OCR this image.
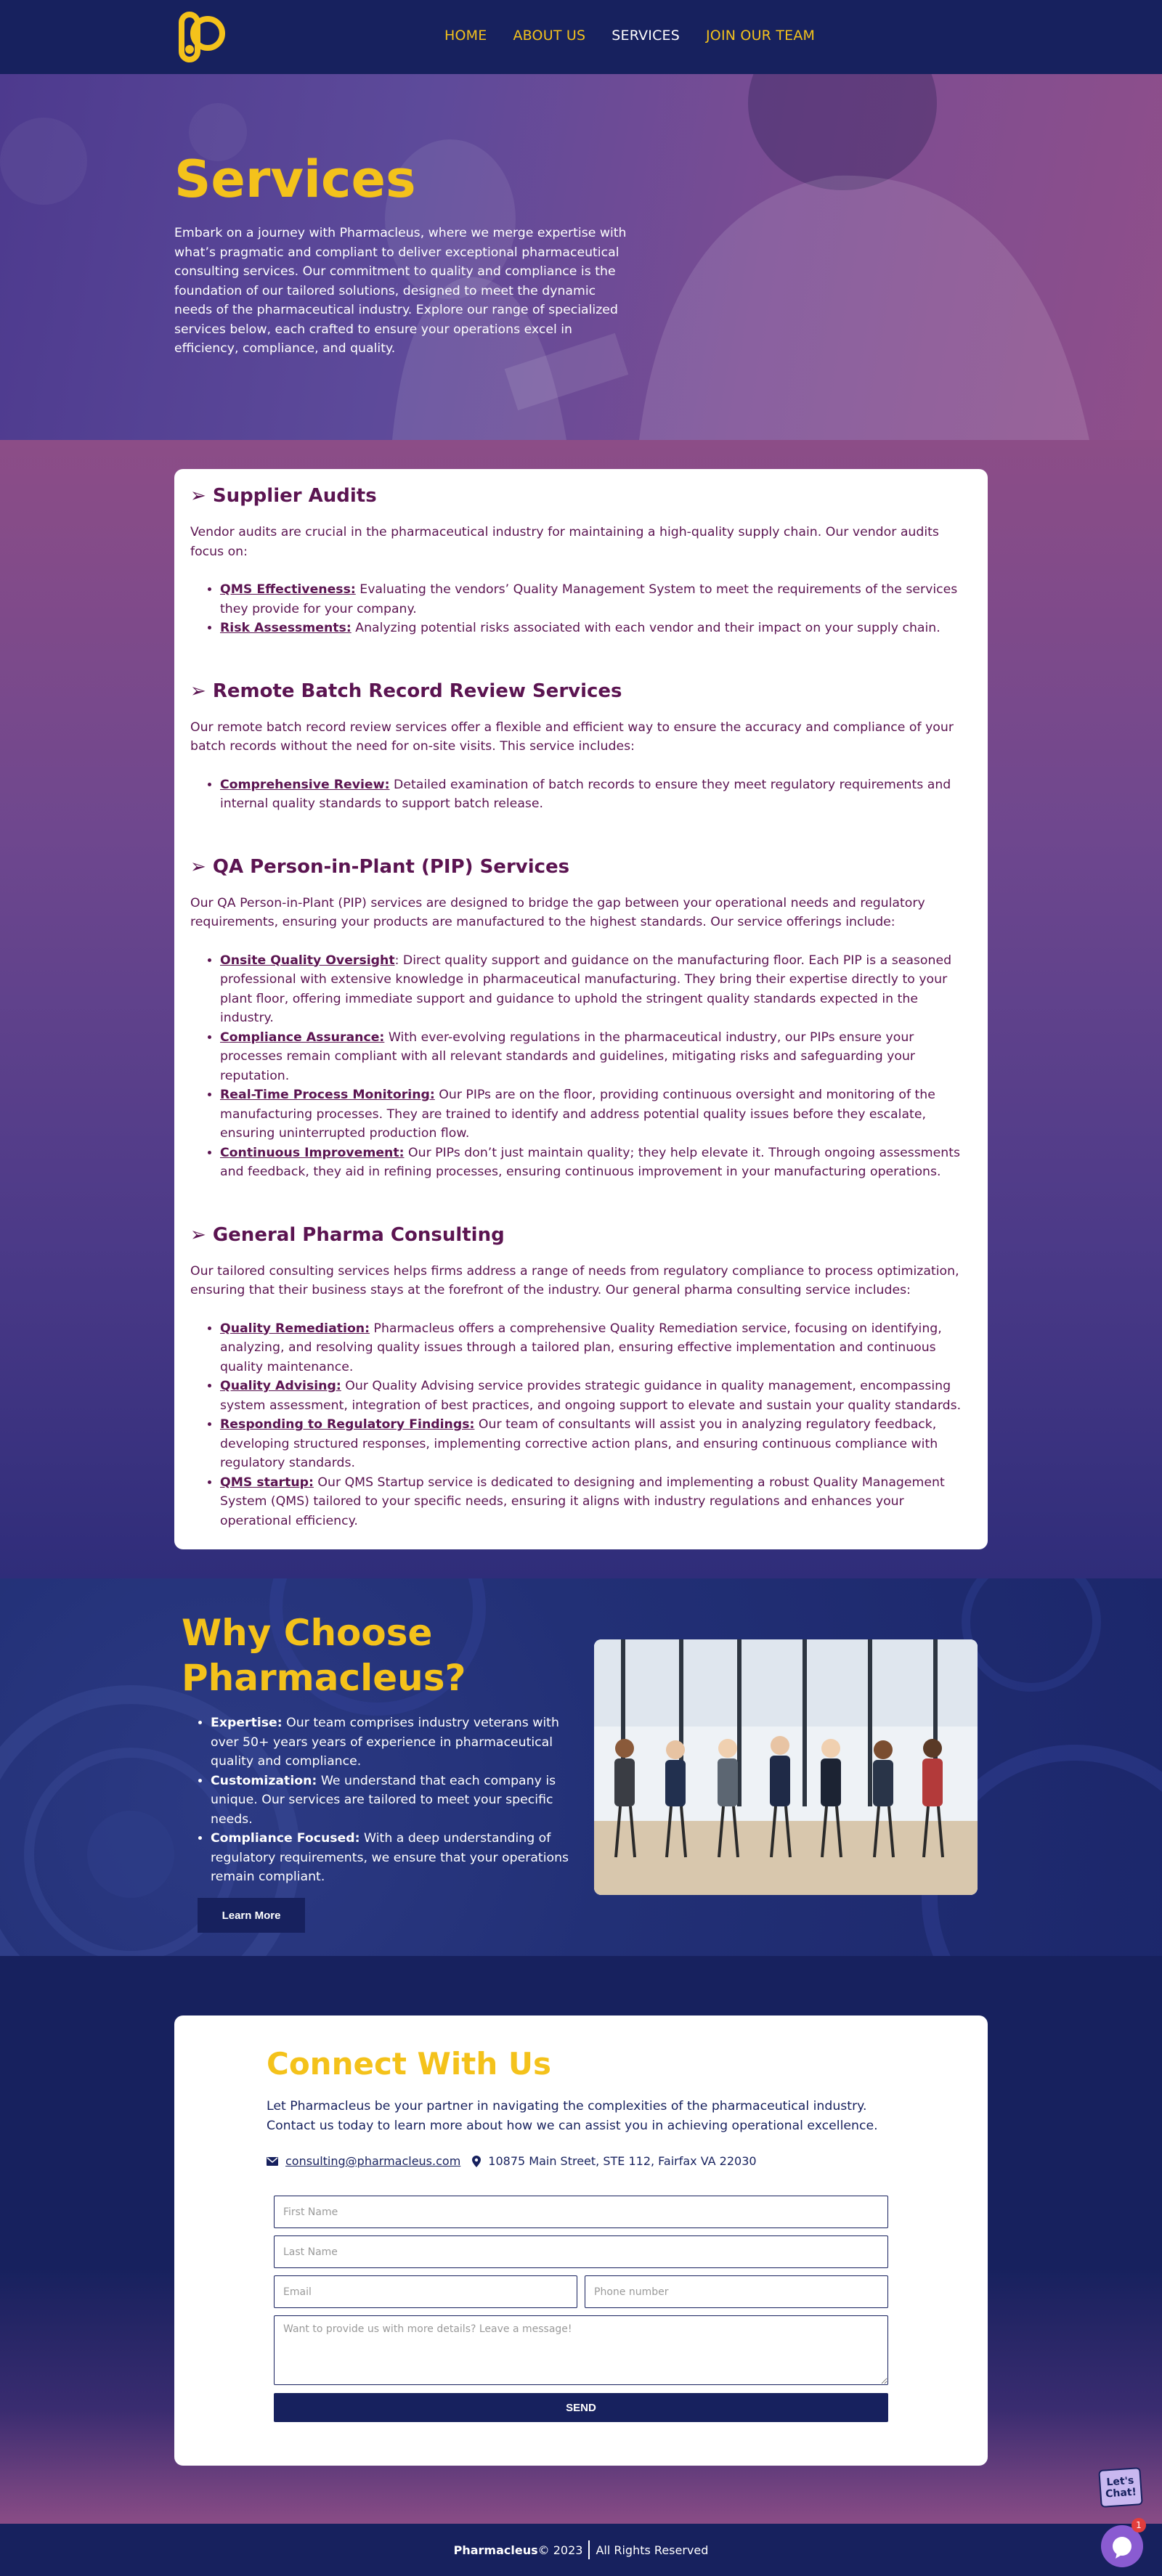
HOME ABOUT US SERVICES JOIN OUR TEAM
Services

Embark on a journey with Pharmacleus, where we merge expertise with what’s pragmatic and compliant to deliver exceptional pharmaceutical consulting services. Our commitment to quality and compliance is the foundation of our tailored solutions, designed to meet the dynamic needs of the pharmaceutical industry. Explore our range of specialized services below, each crafted to ensure your operations excel in efficiency, compliance, and quality.

➢ Supplier Audits

Vendor audits are crucial in the pharmaceutical industry for maintaining a high-quality supply chain. Our vendor audits focus on:

• QMS Effectiveness: Evaluating the vendors’ Quality Management System to meet the requirements of the services they provide for your company.
• Risk Assessments: Analyzing potential risks associated with each vendor and their impact on your supply chain.
➢ Remote Batch Record Review Services

Our remote batch record review services offer a flexible and efficient way to ensure the accuracy and compliance of your batch records without the need for on-site visits. This service includes:

• Comprehensive Review: Detailed examination of batch records to ensure they meet regulatory requirements and internal quality standards to support batch release.
➢ QA Person-in-Plant (PIP) Services

Our QA Person-in-Plant (PIP) services are designed to bridge the gap between your operational needs and regulatory requirements, ensuring your products are manufactured to the highest standards. Our service offerings include:

• Onsite Quality Oversight: Direct quality support and guidance on the manufacturing floor. Each PIP is a seasoned professional with extensive knowledge in pharmaceutical manufacturing. They bring their expertise directly to your plant floor, offering immediate support and guidance to uphold the stringent quality standards expected in the industry.
• Compliance Assurance: With ever-evolving regulations in the pharmaceutical industry, our PIPs ensure your processes remain compliant with all relevant standards and guidelines, mitigating risks and safeguarding your reputation.
• Real-Time Process Monitoring: Our PIPs are on the floor, providing continuous oversight and monitoring of the manufacturing processes. They are trained to identify and address potential quality issues before they escalate, ensuring uninterrupted production flow.
• Continuous Improvement: Our PIPs don’t just maintain quality; they help elevate it. Through ongoing assessments and feedback, they aid in refining processes, ensuring continuous improvement in your manufacturing operations.
➢ General Pharma Consulting

Our tailored consulting services helps firms address a range of needs from regulatory compliance to process optimization, ensuring that their business stays at the forefront of the industry. Our general pharma consulting service includes:

• Quality Remediation: Pharmacleus offers a comprehensive Quality Remediation service, focusing on identifying, analyzing, and resolving quality issues through a tailored plan, ensuring effective implementation and continuous quality maintenance.
• Quality Advising: Our Quality Advising service provides strategic guidance in quality management, encompassing system assessment, integration of best practices, and ongoing support to elevate and sustain your quality standards.
• Responding to Regulatory Findings: Our team of consultants will assist you in analyzing regulatory feedback, developing structured responses, implementing corrective action plans, and ensuring continuous compliance with regulatory standards.
• QMS startup: Our QMS Startup service is dedicated to designing and implementing a robust Quality Management System (QMS) tailored to your specific needs, ensuring it aligns with industry regulations and enhances your operational efficiency.
Why Choose Pharmacleus?
• Expertise: Our team comprises industry veterans with over 50+ years years of experience in pharmaceutical quality and compliance.
• Customization: We understand that each company is unique. Our services are tailored to meet your specific needs.
• Compliance Focused: With a deep understanding of regulatory requirements, we ensure that your operations remain compliant.
Learn More
Connect With Us

Let Pharmacleus be your partner in navigating the complexities of the pharmaceutical industry. Contact us today to learn more about how we can assist you in achieving operational excellence.

consulting@pharmacleus.com 10875 Main Street, STE 112, Fairfax VA 22030
First Name
Last Name
Email
Phone number
Want to provide us with more details? Leave a message!
SEND
Pharmacleus © 2023 All Rights Reserved
Let's Chat!
1
